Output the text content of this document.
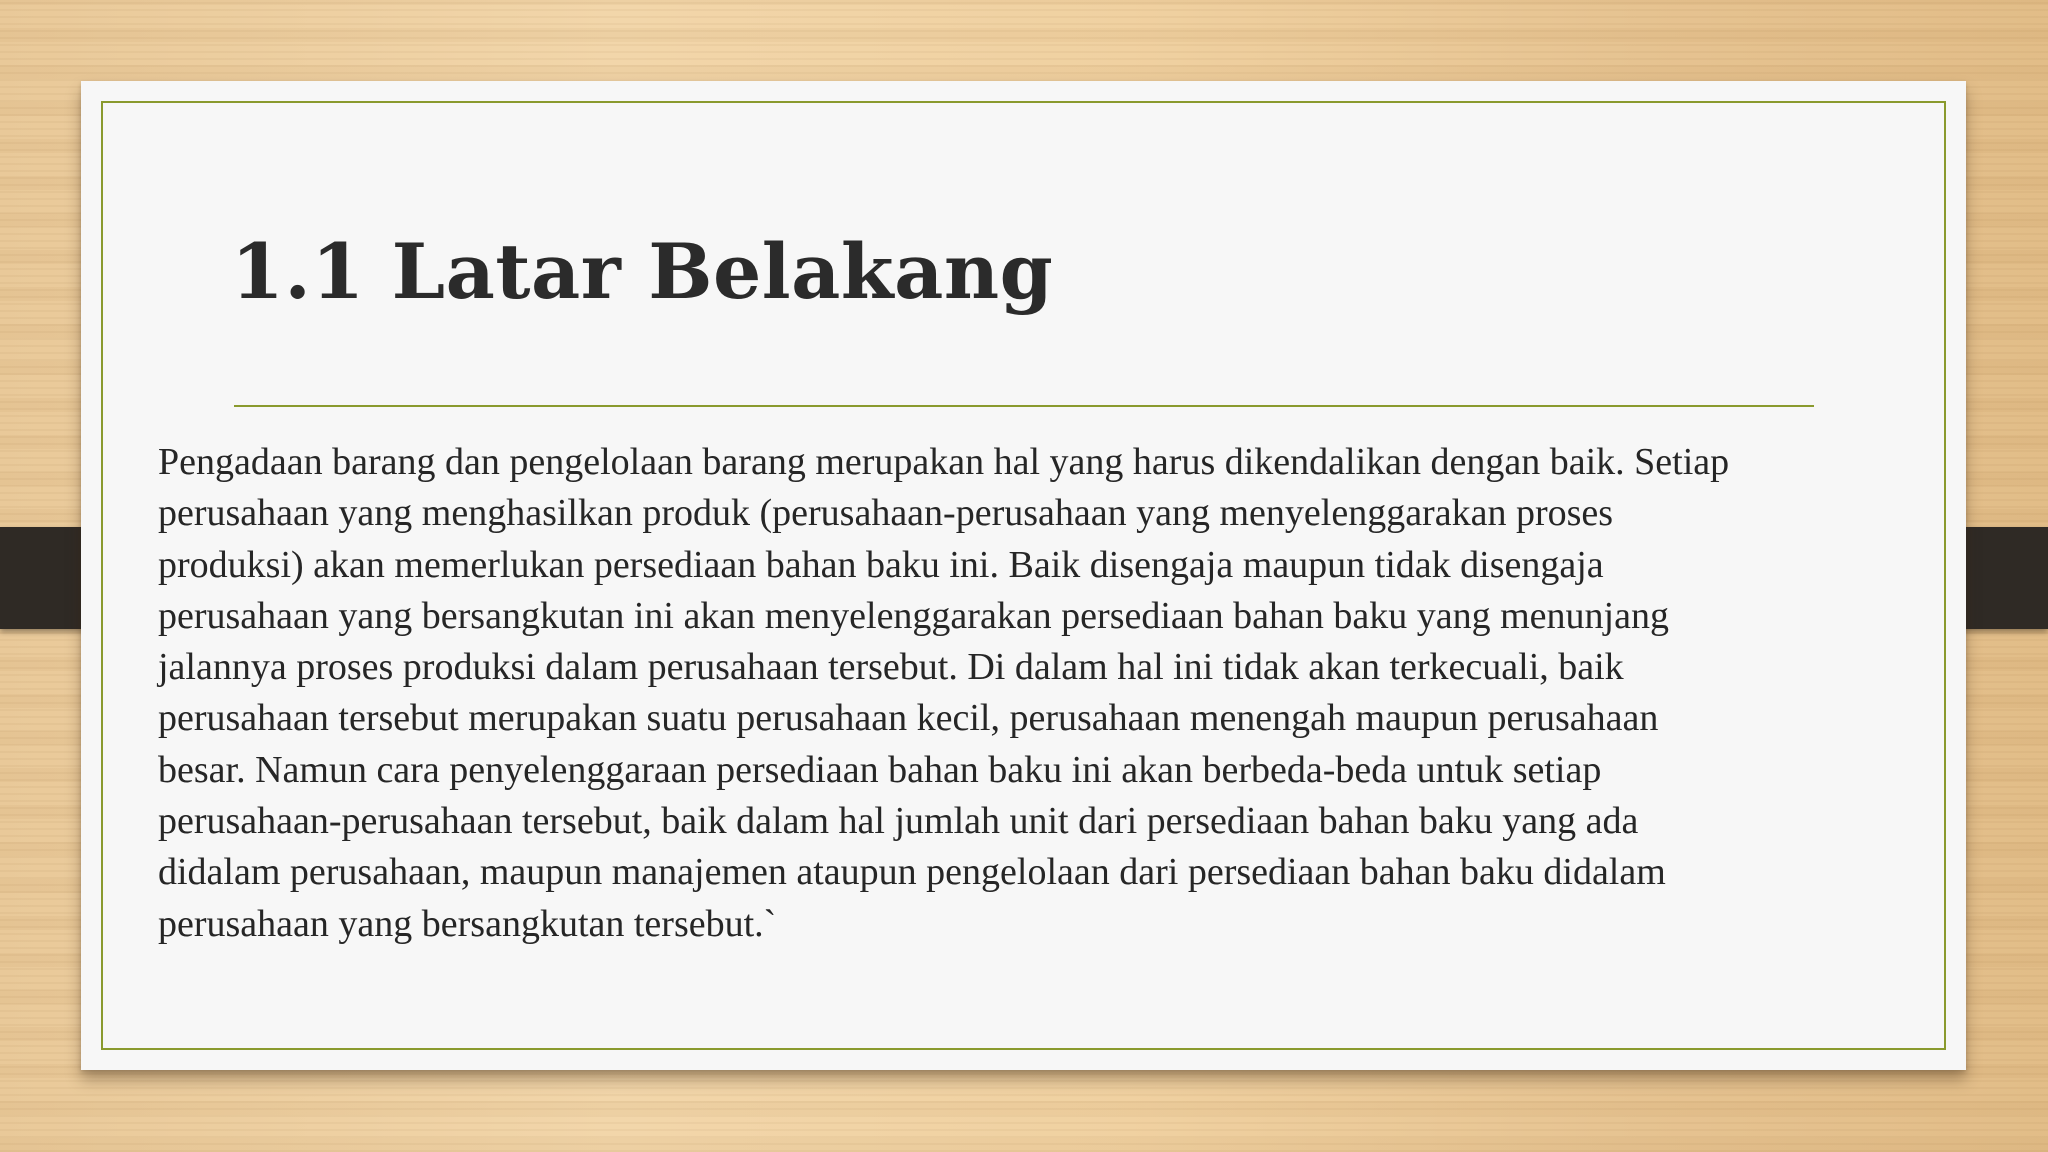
1.1 Latar Belakang
Pengadaan barang dan pengelolaan barang merupakan hal yang harus dikendalikan dengan baik. Setiap
perusahaan yang menghasilkan produk (perusahaan-perusahaan yang menyelenggarakan proses
produksi) akan memerlukan persediaan bahan baku ini. Baik disengaja maupun tidak disengaja
perusahaan yang bersangkutan ini akan menyelenggarakan persediaan bahan baku yang menunjang
jalannya proses produksi dalam perusahaan tersebut. Di dalam hal ini tidak akan terkecuali, baik
perusahaan tersebut merupakan suatu perusahaan kecil, perusahaan menengah maupun perusahaan
besar. Namun cara penyelenggaraan persediaan bahan baku ini akan berbeda-beda untuk setiap
perusahaan-perusahaan tersebut, baik dalam hal jumlah unit dari persediaan bahan baku yang ada
didalam perusahaan, maupun manajemen ataupun pengelolaan dari persediaan bahan baku didalam
perusahaan yang bersangkutan tersebut.`
